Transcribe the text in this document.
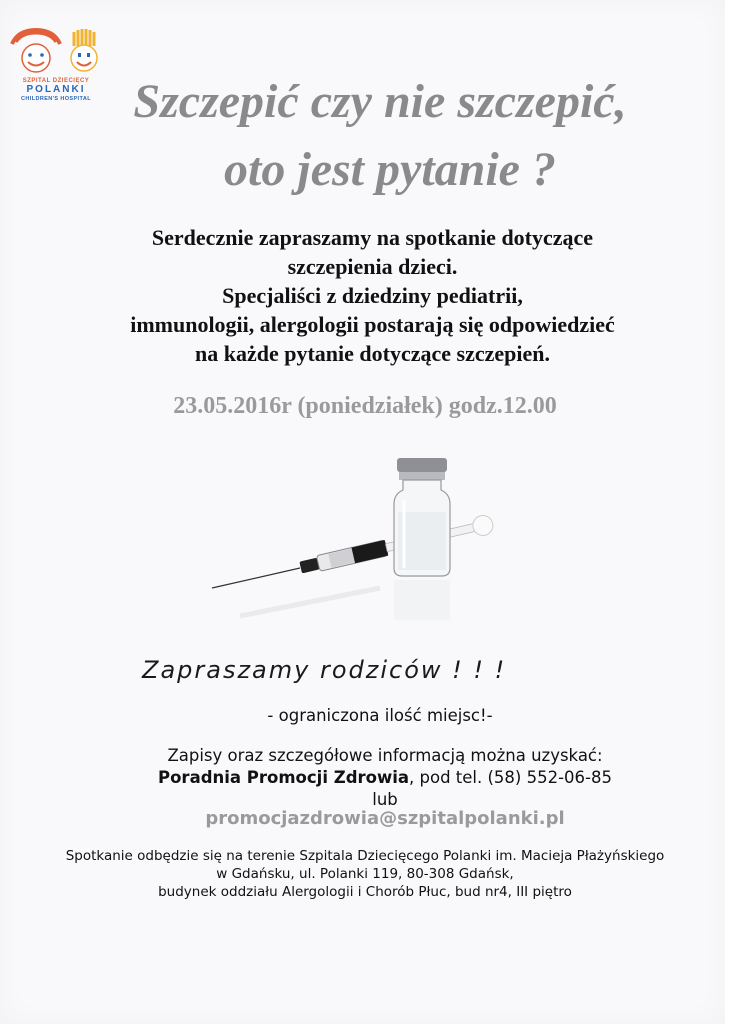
SZPITAL DZIECIĘCY
POLANKI
CHILDREN'S HOSPITAL Szczepić czy nie szczepić,
oto jest pytanie ?
Serdecznie zapraszamy na spotkanie dotyczące
szczepienia dzieci.
Specjaliści z dziedziny pediatrii,
immunologii, alergologii postarają się odpowiedzieć
na każde pytanie dotyczące szczepień.
23.05.2016r (poniedziałek) godz.12.00
Zapraszamy rodziców ! ! !
- ograniczona ilość miejsc!-
Zapisy oraz szczegółowe informacją można uzyskać:
Poradnia Promocji Zdrowia, pod tel. (58) 552-06-85
lub
promocjazdrowia@szpitalpolanki.pl
Spotkanie odbędzie się na terenie Szpitala Dziecięcego Polanki im. Macieja Płażyńskiego
w Gdańsku, ul. Polanki 119, 80-308 Gdańsk,
budynek oddziału Alergologii i Chorób Płuc, bud nr4, III piętro
